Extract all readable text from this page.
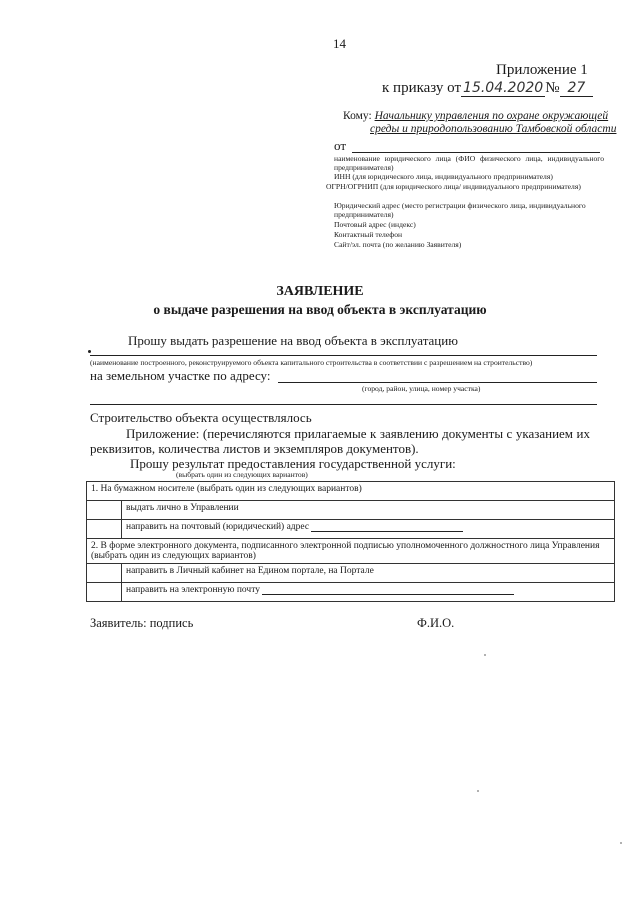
14
Приложение 1
к приказу от 15.04.2020 № 27
Кому: Начальнику управления по охране окружающей
среды и природопользованию Тамбовской области
от
наименование юридического лица (ФИО физического лица, индивидуального предпринимателя)
ИНН (для юридического лица, индивидуального предпринимателя)
ОГРН/ОГРНИП (для юридического лица/ индивидуального предпринимателя)
Юридический адрес (место регистрации физического лица, индивидуального предпринимателя)
Почтовый адрес (индекс)
Контактный телефон
Сайт/эл. почта (по желанию Заявителя)
ЗАЯВЛЕНИЕ
о выдаче разрешения на ввод объекта в эксплуатацию
Прошу выдать разрешение на ввод объекта в эксплуатацию
(наименование построенного, реконструируемого объекта капитального строительства в соответствии с разрешением на строительство)
на земельном участке по адресу:
(город, район, улица, номер участка)
Строительство объекта осуществлялось
Приложение: (перечисляются прилагаемые к заявлению документы с указанием их реквизитов, количества листов и экземпляров документов).
Прошу результат предоставления государственной услуги:
(выбрать один из следующих вариантов)
1. На бумажном носителе (выбрать один из следующих вариантов)	
	выдать лично в Управлении
	направить на почтовый (юридический) адрес
2. В форме электронного документа, подписанного электронной подписью уполномоченного должностного лица Управления (выбрать один из следующих вариантов)	
	направить в Личный кабинет на Едином портале, на Портале
	направить на электронную почту
Заявитель: подпись	Ф.И.О.
